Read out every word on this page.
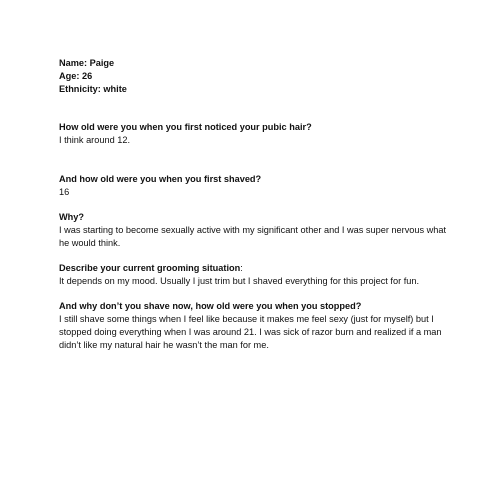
Name: Paige
Age: 26
Ethnicity: white
How old were you when you first noticed your pubic hair?
I think around 12.
And how old were you when you first shaved?
16
Why?
I was starting to become sexually active with my significant other and I was super nervous what he would think.
Describe your current grooming situation:
It depends on my mood. Usually I just trim but I shaved everything for this project for fun.
And why don’t you shave now, how old were you when you stopped?
I still shave some things when I feel like because it makes me feel sexy (just for myself) but I stopped doing everything when I was around 21. I was sick of razor burn and realized if a man didn’t like my natural hair he wasn’t the man for me.
